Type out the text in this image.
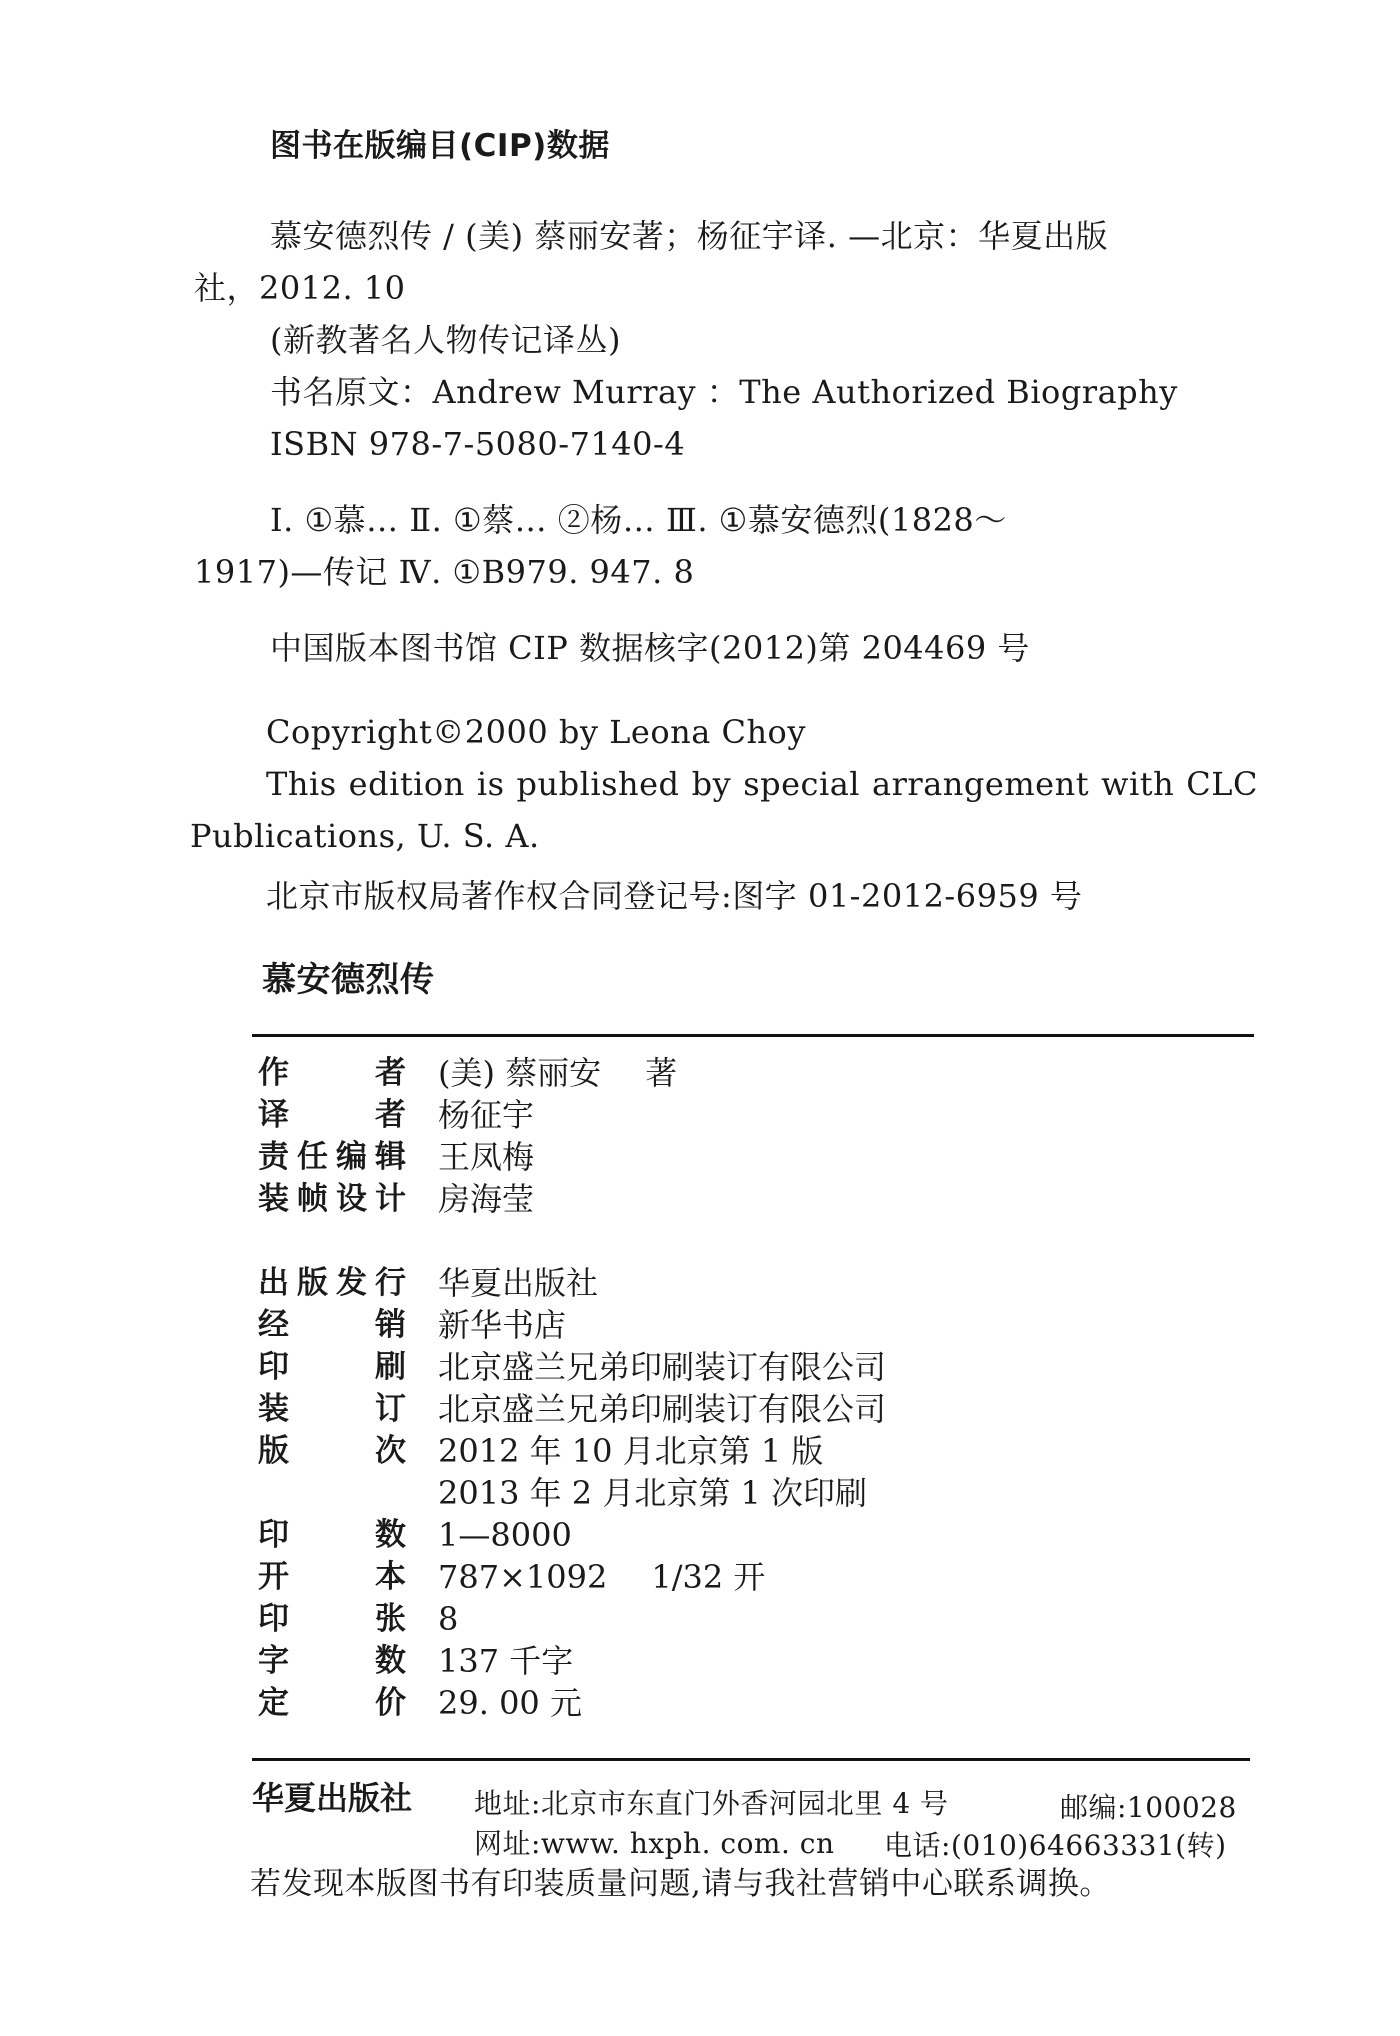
图书在版编目(CIP)数据
慕安德烈传 / (美) 蔡丽安著；杨征宇译. —北京：华夏出版
社，2012. 10
(新教著名人物传记译丛)
书名原文：Andrew Murray ：The Authorized Biography
ISBN 978-7-5080-7140-4
Ⅰ. ①慕… Ⅱ. ①蔡… ②杨… Ⅲ. ①慕安德烈(1828～
1917)—传记 Ⅳ. ①B979. 947. 8
中国版本图书馆 CIP 数据核字(2012)第 204469 号
Copyright©2000 by Leona Choy
This edition is published by special arrangement with CLC
Publications, U. S. A.
北京市版权局著作权合同登记号:图字 01-2012-6959 号
慕安德烈传
作者 (美) 蔡丽安 著
译者 杨征宇
责任编辑 王凤梅
装帧设计 房海莹
出版发行 华夏出版社
经销 新华书店
印刷 北京盛兰兄弟印刷装订有限公司
装订 北京盛兰兄弟印刷装订有限公司
版次 2012 年 10 月北京第 1 版
2013 年 2 月北京第 1 次印刷
印数 1—8000
开本 787×1092 1/32 开
印张 8
字数 137 千字
定价 29. 00 元
华夏出版社 地址:北京市东直门外香河园北里 4 号	邮编:100028
网址:www. hxph. com. cn 电话:(010)64663331(转)
若发现本版图书有印装质量问题,请与我社营销中心联系调换。
